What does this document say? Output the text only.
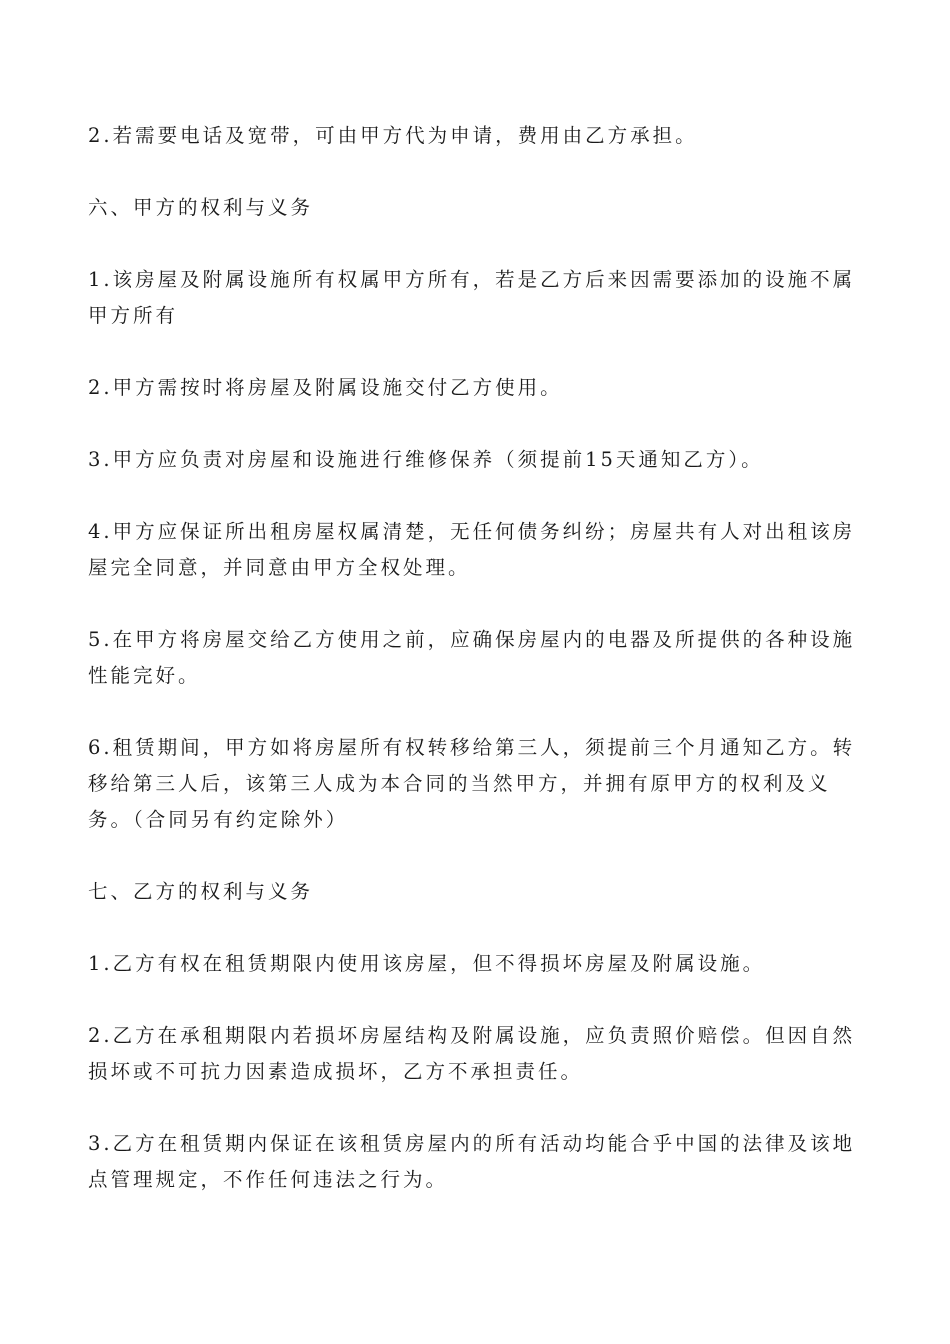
2.若需要电话及宽带，可由甲方代为申请，费用由乙方承担。

六、甲方的权利与义务

1.该房屋及附属设施所有权属甲方所有，若是乙方后来因需要添加的设施不属甲方所有

2.甲方需按时将房屋及附属设施交付乙方使用。

3.甲方应负责对房屋和设施进行维修保养（须提前15天通知乙方）。

4.甲方应保证所出租房屋权属清楚，无任何债务纠纷；房屋共有人对出租该房屋完全同意，并同意由甲方全权处理。

5.在甲方将房屋交给乙方使用之前，应确保房屋内的电器及所提供的各种设施性能完好。

6.租赁期间，甲方如将房屋所有权转移给第三人，须提前三个月通知乙方。转移给第三人后，该第三人成为本合同的当然甲方，并拥有原甲方的权利及义务。（合同另有约定除外）

七、乙方的权利与义务

1.乙方有权在租赁期限内使用该房屋，但不得损坏房屋及附属设施。

2.乙方在承租期限内若损坏房屋结构及附属设施，应负责照价赔偿。但因自然损坏或不可抗力因素造成损坏，乙方不承担责任。

3.乙方在租赁期内保证在该租赁房屋内的所有活动均能合乎中国的法律及该地点管理规定，不作任何违法之行为。
